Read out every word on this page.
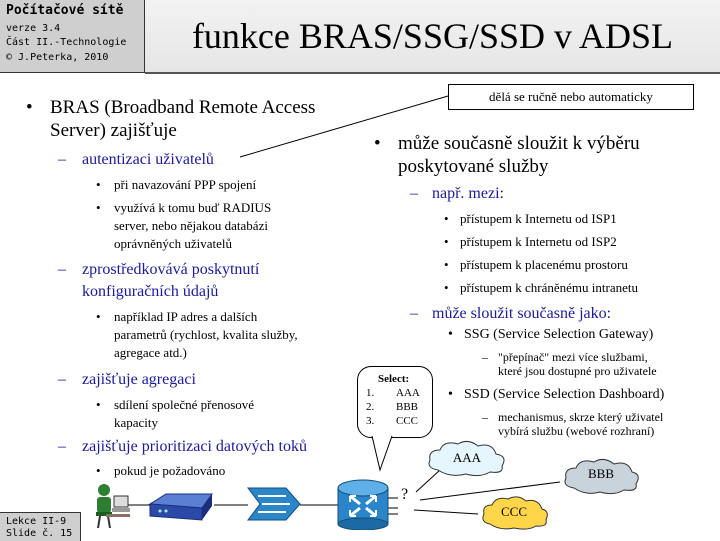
Počítačové sítě
verze 3.4
Část II.-Technologie
© J.Peterka, 2010
funkce BRAS/SSG/SSD v ADSL
dělá se ručně nebo automaticky
• BRAS (Broadband Remote Access
Server) zajišťuje
– autentizaci uživatelů
• při navazování PPP spojení
• využívá k tomu buď RADIUS
server, nebo nějakou databázi
oprávněných uživatelů
– zprostředkovává poskytnutí
konfiguračních údajů
• například IP adres a dalších
parametrů (rychlost, kvalita služby,
agregace atd.)
– zajišťuje agregaci
• sdílení společné přenosové
kapacity
– zajišťuje prioritizaci datových toků
• pokud je požadováno
• může současně sloužit k výběru
poskytované služby
– např. mezi:
• přístupem k Internetu od ISP1
• přístupem k Internetu od ISP2
• přístupem k placenému prostoru
• přístupem k chráněnému intranetu
– může sloužit současně jako:
• SSG (Service Selection Gateway)
– "přepínač" mezi více službami,
které jsou dostupné pro uživatele
• SSD (Service Selection Dashboard)
– mechanismus, skrze který uživatel
vybírá službu (webové rozhraní)
Select:
1. AAA
2. BBB
3. CCC
?
AAA
BBB
CCC
Lekce II-9
Slide č. 15
